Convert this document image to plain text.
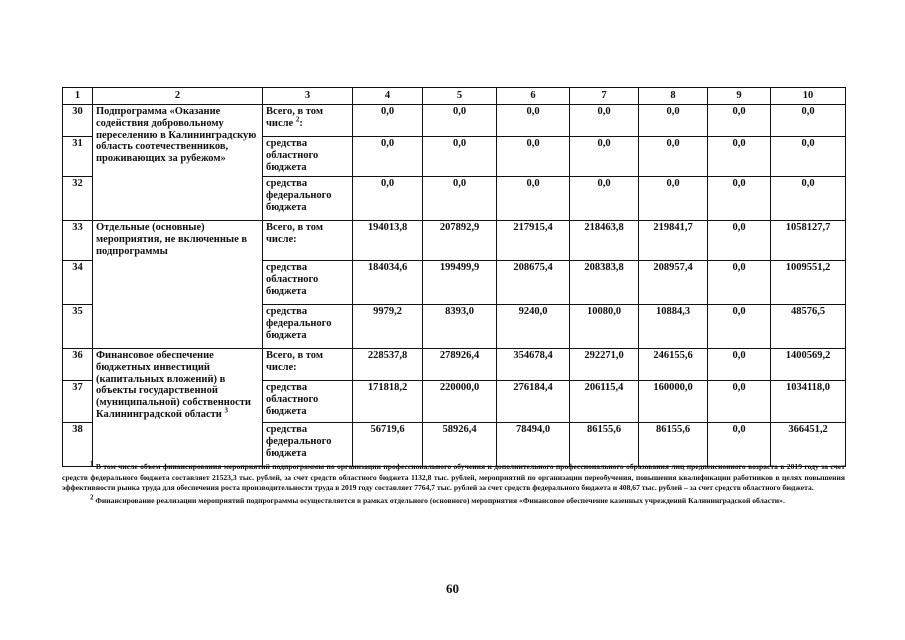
1	2	3	4	5	6	7	8	9	10
30	Подпрограмма «Оказание содействия добровольному переселению в Калининградскую область соотечественников, проживающих за рубежом»	Всего, в том числе $^2$:	0,0	0,0	0,0	0,0	0,0	0,0	0,0
31		средства областного бюджета	0,0	0,0	0,0	0,0	0,0	0,0	0,0
32		средства федерального бюджета	0,0	0,0	0,0	0,0	0,0	0,0	0,0
33	Отдельные (основные) мероприятия, не включенные в подпрограммы	Всего, в том числе:	194013,8	207892,9	217915,4	218463,8	219841,7	0,0	1058127,7
34		средства областного бюджета	184034,6	199499,9	208675,4	208383,8	208957,4	0,0	1009551,2
35		средства федерального бюджета	9979,2	8393,0	9240,0	10080,0	10884,3	0,0	48576,5
36	Финансовое обеспечение бюджетных инвестиций (капитальных вложений) в объекты государственной (муниципальной) собственности Калининградской области $^3$	Всего, в том числе:	228537,8	278926,4	354678,4	292271,0	246155,6	0,0	1400569,2
37		средства областного бюджета	171818,2	220000,0	276184,4	206115,4	160000,0	0,0	1034118,0
38		средства федерального бюджета	56719,6	58926,4	78494,0	86155,6	86155,6	0,0	366451,2

$^1$ В том числе объем финансирования мероприятий подпрограммы по организации профессионального обучения и дополнительного профессионального образования лиц предпенсионного возраста в 2019 году за счет средств федерального бюджета составляет 21523,3 тыс. рублей, за счет средств областного бюджета 1132,8 тыс. рублей, мероприятий по организации переобучения, повышения квалификации работников в целях повышения эффективности рынка труда для обеспечения роста производительности труда в 2019 году составляет 7764,7 тыс. рублей за счет средств федерального бюджета и 408,67 тыс. рублей – за счет средств областного бюджета.

$^2$ Финансирование реализации мероприятий подпрограммы осуществляется в рамках отдельного (основного) мероприятия «Финансовое обеспечение казенных учреждений Калининградской области».

60
